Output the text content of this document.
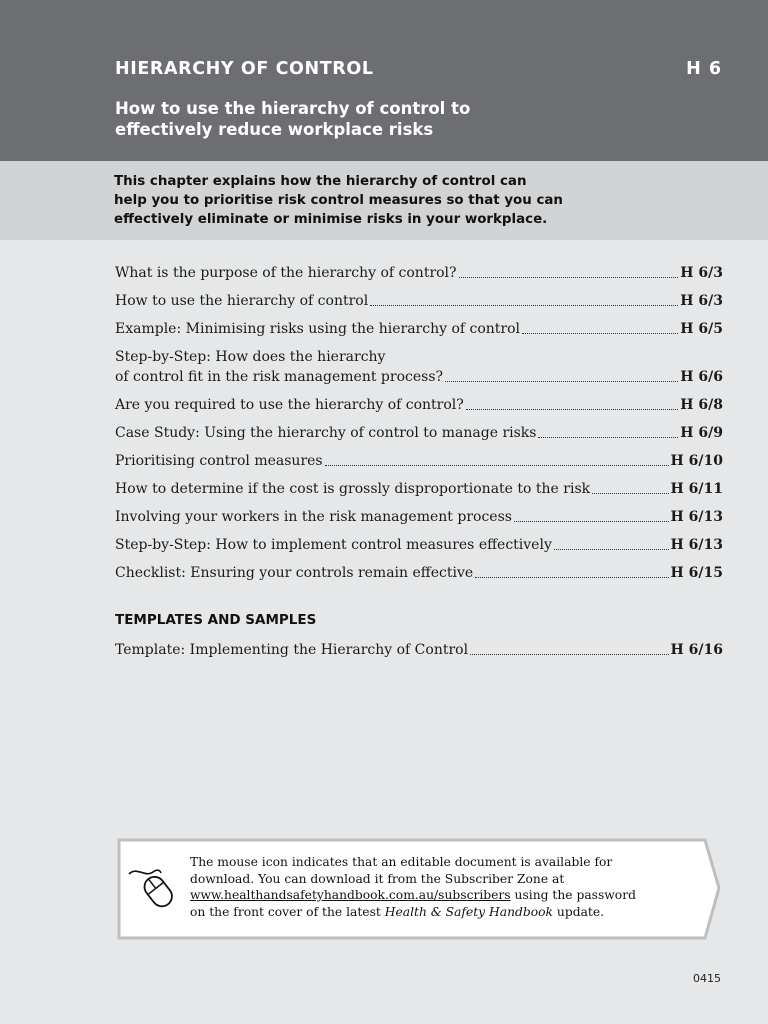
HIERARCHY OF CONTROL	H 6
How to use the hierarchy of control to
effectively reduce workplace risks
This chapter explains how the hierarchy of control can
help you to prioritise risk control measures so that you can
effectively eliminate or minimise risks in your workplace.
What is the purpose of the hierarchy of control?	H 6/3
How to use the hierarchy of control	H 6/3
Example: Minimising risks using the hierarchy of control	H 6/5
Step-by-Step: How does the hierarchy
of control fit in the risk management process?	H 6/6
Are you required to use the hierarchy of control?	H 6/8
Case Study: Using the hierarchy of control to manage risks	H 6/9
Prioritising control measures	H 6/10
How to determine if the cost is grossly disproportionate to the risk	H 6/11
Involving your workers in the risk management process	H 6/13
Step-by-Step: How to implement control measures effectively	H 6/13
Checklist: Ensuring your controls remain effective	H 6/15
TEMPLATES AND SAMPLES
Template: Implementing the Hierarchy of Control	H 6/16
The mouse icon indicates that an editable document is available for
download. You can download it from the Subscriber Zone at
www.healthandsafetyhandbook.com.au/subscribers using the password
on the front cover of the latest Health & Safety Handbook update.
0415
